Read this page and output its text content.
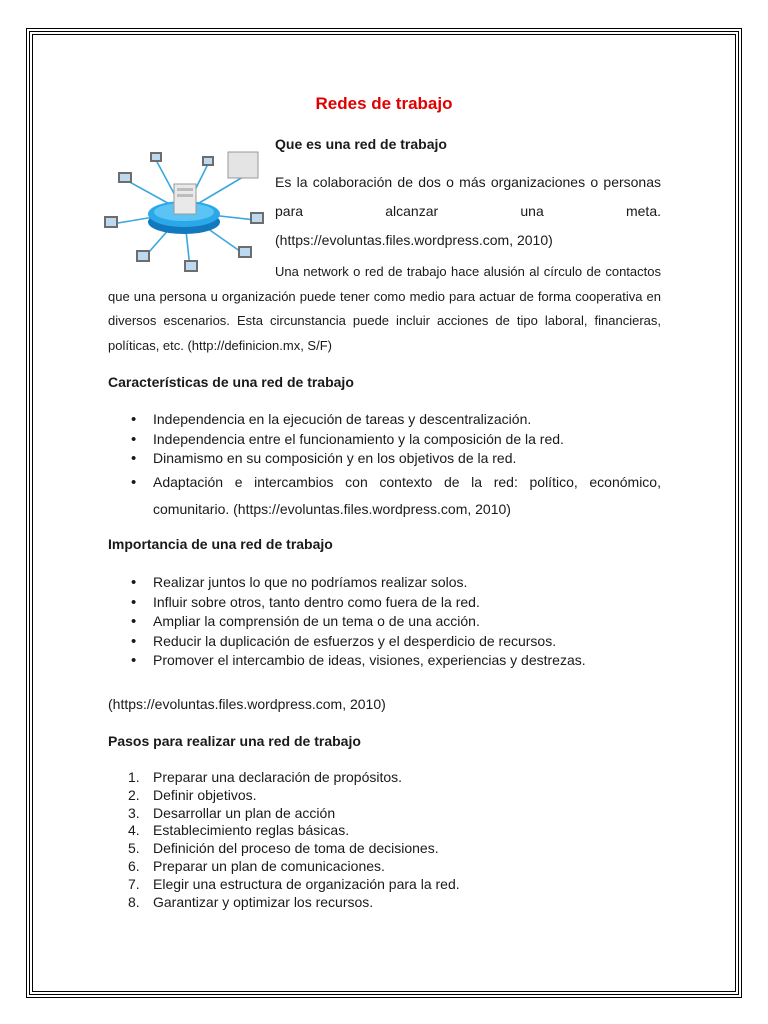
Redes de trabajo
Que es una red de trabajo

Es la colaboración de dos o más organizaciones o personas para alcanzar una meta. (https://evoluntas.files.wordpress.com, 2010)

Una network o red de trabajo hace alusión al círculo de contactos que una persona u organización puede tener como medio para actuar de forma cooperativa en diversos escenarios. Esta circunstancia puede incluir acciones de tipo laboral, financieras, políticas, etc. (http://definicion.mx, S/F)

Características de una red de trabajo
• Independencia en la ejecución de tareas y descentralización.
• Independencia entre el funcionamiento y la composición de la red.
• Dinamismo en su composición y en los objetivos de la red.
• Adaptación e intercambios con contexto de la red: político, económico, comunitario. (https://evoluntas.files.wordpress.com, 2010)
Importancia de una red de trabajo
• Realizar juntos lo que no podríamos realizar solos.
• Influir sobre otros, tanto dentro como fuera de la red.
• Ampliar la comprensión de un tema o de una acción.
• Reducir la duplicación de esfuerzos y el desperdicio de recursos.
• Promover el intercambio de ideas, visiones, experiencias y destrezas.

(https://evoluntas.files.wordpress.com, 2010)

Pasos para realizar una red de trabajo
1. Preparar una declaración de propósitos.
2. Definir objetivos.
3. Desarrollar un plan de acción
4. Establecimiento reglas básicas.
5. Definición del proceso de toma de decisiones.
6. Preparar un plan de comunicaciones.
7. Elegir una estructura de organización para la red.
8. Garantizar y optimizar los recursos.
